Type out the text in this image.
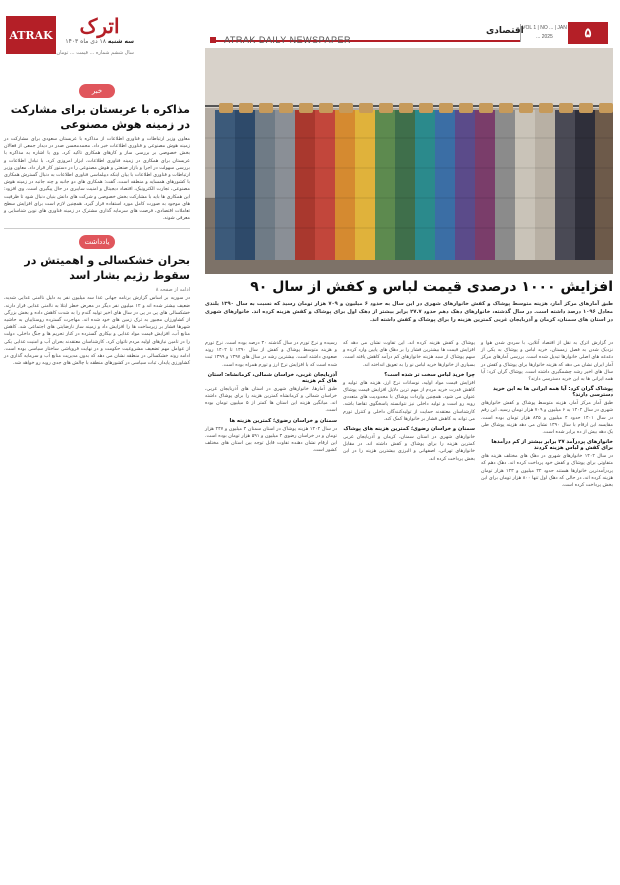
ATRAK	اترک
سه شنبه ۱۸ دی ماه ۱۴۰۳
سال ششم شماره ... قیمت ... تومان
ATRAK DAILY NEWSPAPER
اقتصادی
VOL 1 | NO ... | JAN ... 2025	۵
خبر
مذاکره با عربستان برای مشارکت در زمینه هوش مصنوعی
معاون وزیر ارتباطات و فناوری اطلاعات از مذاکره با عربستان سعودی برای مشارکت در زمینه هوش مصنوعی و فناوری اطلاعات خبر داد. محمدمحسن صدر در دیدار جمعی از فعالان بخش خصوصی بر بررسی ساز و کارهای همکاری تاکید کرد. وی با اشاره به مذاکره با عربستان برای همکاری در زمینه فناوری اطلاعات، ابزار امروزی کرد. با تبادل اطلاعات و بررسی سهولت در اجرا و بازار صنعتی و هوش مصنوعی را در دستور کار قرار داد. معاون وزیر ارتباطات و فناوری اطلاعات با بیان اینکه دیپلماسی فناوری اطلاعات به دنبال گسترش همکاری با کشورهای همسایه و منطقه است، گفت: همکاری های دو جانبه و چند جانبه در زمینه هوش مصنوعی، تجارت الکترونیک، اقتصاد دیجیتال و امنیت سایبری در حال پیگیری است. وی افزود: این همکاری ها باید با مشارکت بخش خصوصی و شرکت های دانش بنیان دنبال شود تا ظرفیت های موجود به صورت کامل مورد استفاده قرار گیرد. همچنین لازم است برای افزایش سطح تعاملات اقتصادی، فرصت های سرمایه گذاری مشترک در زمینه فناوری های نوین شناسایی و معرفی شوند.
یادداشت
بحران خشکسالی و اهمیتش در سقوط رژیم بشار اسد
ادامه از صفحه ۸
در سوریه بر اساس گزارش برنامه جهانی غذا سه میلیون نفر به دلیل ناامنی غذایی شدید، ضعیف بیشتر شده اند و ۱۲ میلیون نفر دیگر در معرض خطر ابتلا به ناامنی غذایی قرار دارند. خشکسالی های پی در پی در سال های اخیر تولید گندم را به شدت کاهش داده و بخش بزرگی از کشاورزان مجبور به ترک زمین های خود شده اند. مهاجرت گسترده روستاییان به حاشیه شهرها فشار بر زیرساخت ها را افزایش داد و زمینه ساز نارضایتی های اجتماعی شد. کاهش منابع آب، افزایش قیمت مواد غذایی و بیکاری گسترده در کنار تحریم ها و جنگ داخلی، دولت را در تامین نیازهای اولیه مردم ناتوان کرد. کارشناسان معتقدند بحران آب و امنیت غذایی یکی از عوامل مهم تضعیف مشروعیت حکومت و در نهایت فروپاشی ساختار سیاسی بوده است. ادامه روند خشکسالی در منطقه نشان می دهد که بدون مدیریت منابع آب و سرمایه گذاری در کشاورزی پایدار، ثبات سیاسی در کشورهای منطقه با چالش های جدی روبه رو خواهد شد.
افزایش ۱۰۰۰ درصدی قیمت لباس و کفش از سال ۹۰
طبق آمارهای مرکز آمار، هزینه متوسط پوشاک و کفش خانوارهای شهری در این سال به حدود ۶ میلیون و ۷۰۹ هزار تومان رسید که نسبت به سال ۱۳۹۰ بلندی معادل ۱۰۹۶ درصد داشته است. در سال گذشته، خانوارهای دهک دهم حدود ۲۷.۷ برابر بیشتر از دهک اول برای پوشاک و کفش هزینه کرده اند. خانوارهای شهری در استان های سمنان، کرمان و آذربایجان غربی کمترین هزینه را برای پوشاک و کفش داشته اند.
در گزارش اترک به نقل از اقتصاد آنلاین، با سردی شدن هوا و نزدیک شدن به فصل زمستان، خرید لباس و پوشاک به یکی از دغدغه های اصلی خانوارها تبدیل شده است. بررسی آمارهای مرکز آمار ایران نشان می دهد که هزینه خانوارها برای پوشاک و کفش در سال های اخیر رشد چشمگیری داشته است. پوشاک گران کرد: آیا همه ایرانی ها به این خرید دسترسی دارند؟
پوشاک گران کرد: آیا همه ایرانی ها به این خرید دسترسی دارند؟
طبق آمار مرکز آمار، هزینه متوسط پوشاک و کفش خانوارهای شهری در سال ۱۴۰۲ به ۶ میلیون و ۷۰۹ هزار تومان رسید. این رقم در سال ۱۴۰۱ حدود ۴ میلیون و ۸۴۵ هزار تومان بوده است. مقایسه این ارقام با سال ۱۳۹۰ نشان می دهد هزینه پوشاک طی یک دهه بیش از ده برابر شده است.
خانوارهای پردرآمد ۲۷ برابر بیشتر از کم درآمدها برای کفش و لباس هزینه کردند
در سال ۱۴۰۲ خانوارهای شهری در دهک های مختلف هزینه های متفاوتی برای پوشاک و کفش خود پرداخت کرده اند. دهک دهم که پردرآمدترین خانوارها هستند حدود ۲۲ میلیون و ۱۲۳ هزار تومان هزینه کرده اند، در حالی که دهک اول تنها ۸۰۰ هزار تومان برای این بخش پرداخت کرده است.
پوشاک و کفش هزینه کرده اند. این تفاوت نشان می دهد که افزایش قیمت ها بیشترین فشار را بر دهک های پایین وارد کرده و سهم پوشاک از سبد هزینه خانوارهای کم درآمد کاهش یافته است. بسیاری از خانوارها خرید لباس نو را به تعویق انداخته اند.
چرا خرید لباس سخت تر شده است؟
افزایش قیمت مواد اولیه، نوسانات نرخ ارز، هزینه های تولید و کاهش قدرت خرید مردم از مهم ترین دلایل افزایش قیمت پوشاک عنوان می شود. همچنین واردات پوشاک با محدودیت های متعددی روبه رو است و تولید داخلی نیز نتوانسته پاسخگوی تقاضا باشد. کارشناسان معتقدند حمایت از تولیدکنندگان داخلی و کنترل تورم می تواند به کاهش فشار بر خانوارها کمک کند.
سمنان و خراسان رضوی؛ کمترین هزینه های پوشاک
خانوارهای شهری در استان سمنان، کرمان و آذربایجان غربی کمترین هزینه را برای پوشاک و کفش داشته اند. در مقابل خانوارهای تهرانی، اصفهانی و البرزی بیشترین هزینه را در این بخش پرداخت کرده اند.
رسیده و نرخ تورم در سال گذشته ۳۰ درصد بوده است. نرخ تورم و هزینه متوسط پوشاک و کفش از سال ۱۳۹۰ تا ۱۴۰۲ روند صعودی داشته است. بیشترین رشد در سال های ۱۳۹۷ و ۱۳۹۹ ثبت شده است که با افزایش نرخ ارز و تورم همراه بوده است.
آذربایجان غربی، خراسان شمالی، کرمانشاه: استان های کم هزینه
طبق آمارها، خانوارهای شهری در استان های آذربایجان غربی، خراسان شمالی و کرمانشاه کمترین هزینه را برای پوشاک داشته اند. میانگین هزینه این استان ها کمتر از ۵ میلیون تومان بوده است.
سمنان و خراسان رضوی؛ کمترین هزینه ها
در سال ۱۴۰۲ هزینه پوشاک در استان سمنان ۴ میلیون و ۲۴۷ هزار تومان و در خراسان رضوی ۴ میلیون و ۵۹۱ هزار تومان بوده است. این ارقام نشان دهنده تفاوت قابل توجه بین استان های مختلف کشور است.
